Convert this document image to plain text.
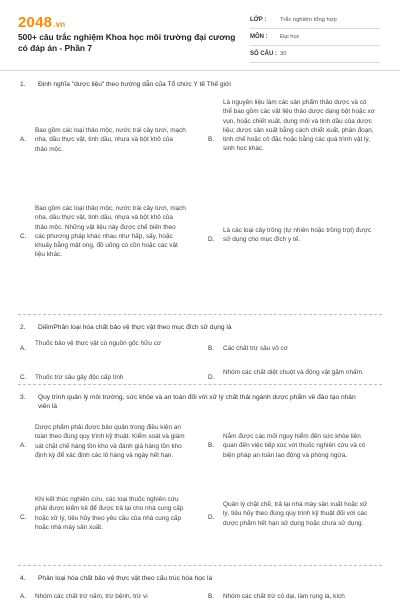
2048.vn
500+ câu trắc nghiệm Khoa học môi trường đại cương có đáp án - Phần 7
LỚP :	Trắc nghiệm tổng hợp
MÔN :	Đại học
SỐ CÂU : 30
1.	Định nghĩa "dược liệu" theo hướng dẫn của Tổ chức Y tế Thế giới
A.
Bao gồm các loại thảo mộc, nước trái cây tươi, mạch nha, dầu thực vật, tinh dầu, nhựa và bột khô của thảo mộc.
B.
Là nguyên liệu làm các sản phẩm thảo dược và có thể bao gồm các vật liệu thảo dược dạng bột hoặc xơ vụn, hoặc chiết xuất, dung môi và tinh dầu của dược liệu; dược sản xuất bằng cách chiết xuất, phân đoạn, tinh chế hoặc cô đặc hoặc bằng các quá trình vật lý, sinh học khác.
C.
Bao gồm các loại thảo mộc, nước trái cây tươi, mạch nha, dầu thực vật, tinh dầu, nhựa và bột khô của thảo mộc. Những vật liệu này được chế biến theo các phương pháp khác nhau như hấp, sấy, hoặc khuấy bằng mật ong, đồ uống có cồn hoặc các vật liệu khác.
D.
Là các loại cây trồng (tự nhiên hoặc trồng trọt) được sử dụng cho mục đích y tế.
2.	DiếmPhân loại hóa chất bảo vệ thực vật theo mục đích sử dụng là
A.
Thuốc bảo vệ thực vật có nguồn gốc hữu cơ
B.	Các chất trừ sâu vô cơ
C.	Thuốc trừ sâu gây độc cấp tính	D.
Nhóm các chất diệt chuột và động vật gặm nhấm.
3.	Quy trình quản lý môi trường, sức khỏe và an toàn đối với xử lý chất thải ngành dược phẩm về đào tạo nhân viên là
A.
Dược phẩm phải được bảo quản trong điều kiện an toàn theo đúng quy trình kỹ thuật. Kiểm soát và giám sát chặt chẽ hàng tồn kho và đánh giá hàng tồn kho định kỳ để xác định các lô hàng và ngày hết hạn.
B.
Nắm được các mối nguy hiểm đến sức khỏe liên quan đến việc tiếp xúc với thuốc nghiên cứu và có biện pháp an toàn lao động và phòng ngừa.
C.
Khi kết thúc nghiên cứu, các loại thuốc nghiên cứu phải được kiểm kê để được trả lại cho nhà cung cấp hoặc xử lý, tiêu hủy theo yêu cầu của nhà cung cấp hoặc nhà máy sản xuất.
D.
Quản lý chặt chẽ, trả lại nhà máy sản xuất hoặc xử lý, tiêu hủy theo đúng quy trình kỹ thuật đối với các dược phẩm hết hạn sử dụng hoặc chưa sử dụng.
4.	Phân loại hóa chất bảo vệ thực vật theo cấu trúc hóa học là
A.	Nhóm các chất trừ nấm, trừ bệnh, trừ vi	B.	Nhóm các chất trừ cỏ dại, làm rụng lá, kích
